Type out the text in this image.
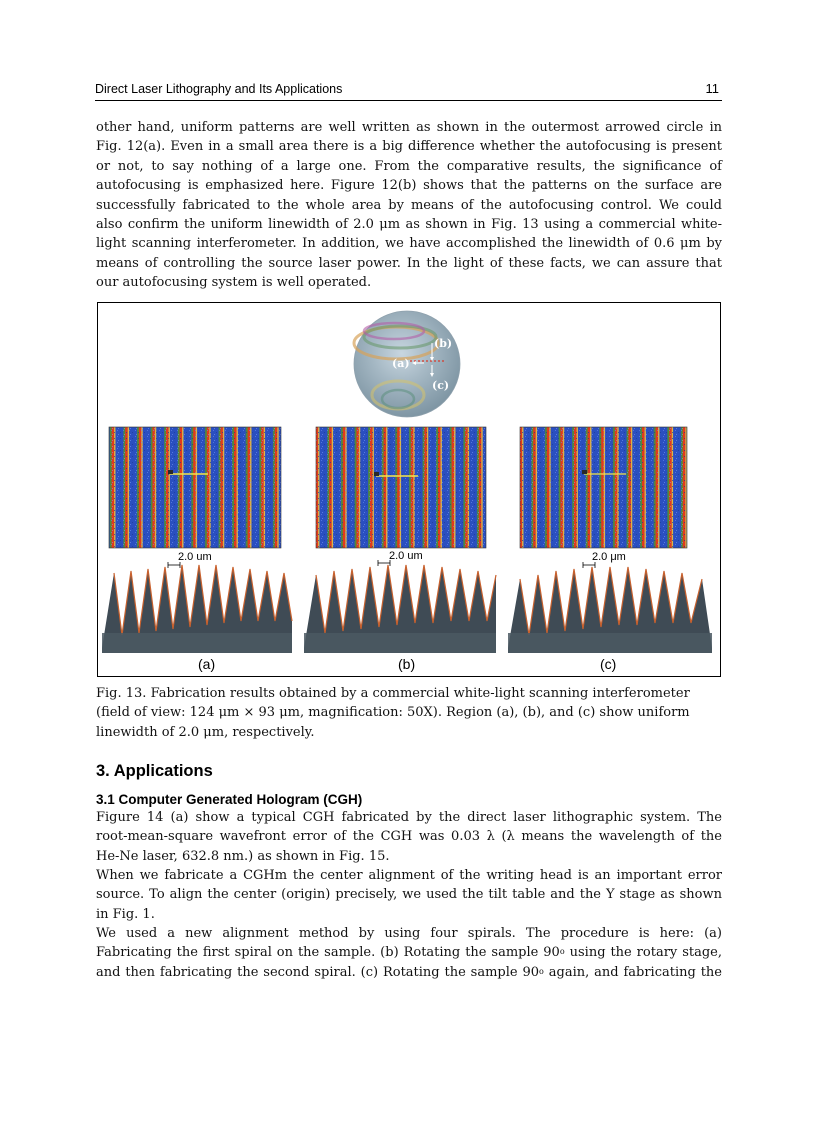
Direct Laser Lithography and Its Applications	11
other hand, uniform patterns are well written as shown in the outermost arrowed circle in
Fig. 12(a). Even in a small area there is a big difference whether the autofocusing is present
or not, to say nothing of a large one. From the comparative results, the significance of
autofocusing is emphasized here. Figure 12(b) shows that the patterns on the surface are
successfully fabricated to the whole area by means of the autofocusing control. We could
also confirm the uniform linewidth of 2.0 μm as shown in Fig. 13 using a commercial white-
light scanning interferometer. In addition, we have accomplished the linewidth of 0.6 μm by
means of controlling the source laser power. In the light of these facts, we can assure that
our autofocusing system is well operated.
(b)
(a)
(c)
2.0 um	2.0 um	2.0 μm
(a)	(b)	(c)
Fig. 13. Fabrication results obtained by a commercial white-light scanning interferometer
(field of view: 124 μm × 93 μm, magnification: 50X). Region (a), (b), and (c) show uniform
linewidth of 2.0 μm, respectively.
3. Applications
3.1 Computer Generated Hologram (CGH)
Figure 14 (a) show a typical CGH fabricated by the direct laser lithographic system. The
root-mean-square wavefront error of the CGH was 0.03 λ (λ means the wavelength of the
He-Ne laser, 632.8 nm.) as shown in Fig. 15.
When we fabricate a CGHm the center alignment of the writing head is an important error
source. To align the center (origin) precisely, we used the tilt table and the Y stage as shown
in Fig. 1.
We used a new alignment method by using four spirals. The procedure is here: (a)
Fabricating the first spiral on the sample. (b) Rotating the sample 90$^o$ using the rotary stage,
and then fabricating the second spiral. (c) Rotating the sample 90$^o$ again, and fabricating the
